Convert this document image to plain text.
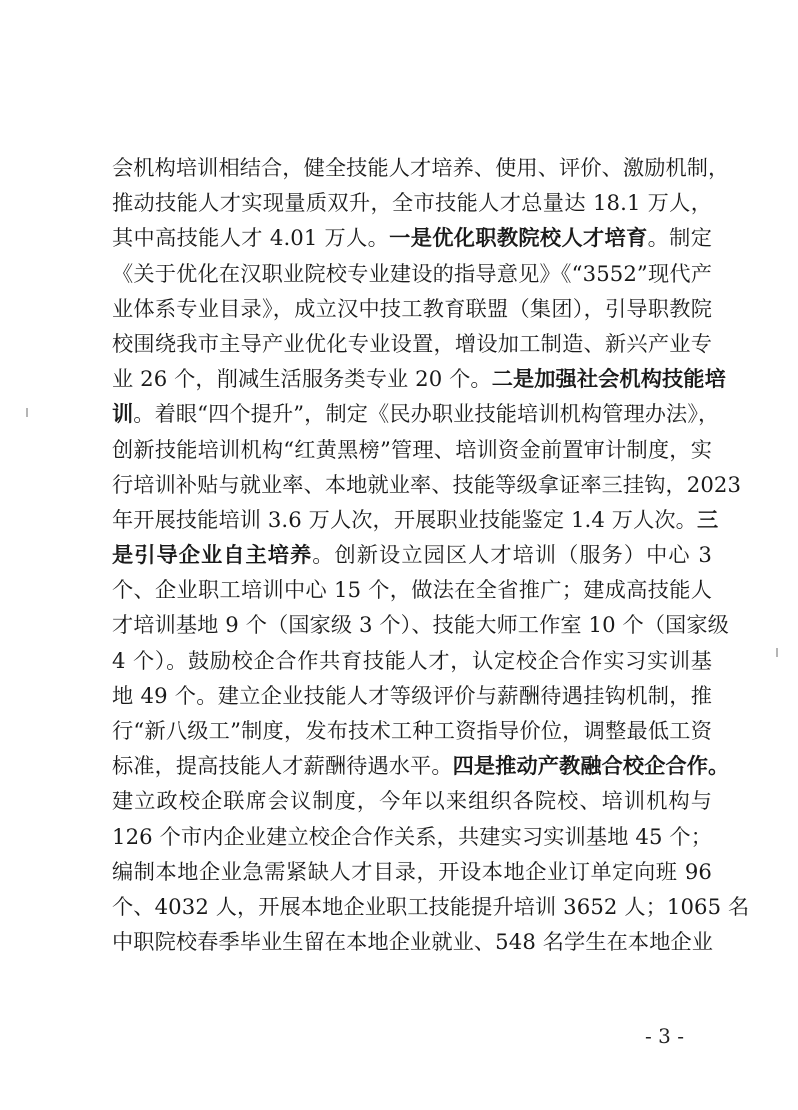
会机构培训相结合，健全技能人才培养、使用、评价、激励机制，
推动技能人才实现量质双升，全市技能人才总量达 18.1 万人，
其中高技能人才 4.01 万人。一是优化职教院校人才培育。制定
《关于优化在汉职业院校专业建设的指导意见》《“3552”现代产
业体系专业目录》，成立汉中技工教育联盟（集团），引导职教院
校围绕我市主导产业优化专业设置，增设加工制造、新兴产业专
业 26 个，削减生活服务类专业 20 个。二是加强社会机构技能培
训。着眼“四个提升”，制定《民办职业技能培训机构管理办法》，
创新技能培训机构“红黄黑榜”管理、培训资金前置审计制度，实
行培训补贴与就业率、本地就业率、技能等级拿证率三挂钩，2023
年开展技能培训 3.6 万人次，开展职业技能鉴定 1.4 万人次。三
是引导企业自主培养。创新设立园区人才培训（服务）中心 3
个、企业职工培训中心 15 个，做法在全省推广；建成高技能人
才培训基地 9 个（国家级 3 个）、技能大师工作室 10 个（国家级
4 个）。鼓励校企合作共育技能人才，认定校企合作实习实训基
地 49 个。建立企业技能人才等级评价与薪酬待遇挂钩机制，推
行“新八级工”制度，发布技术工种工资指导价位，调整最低工资
标准，提高技能人才薪酬待遇水平。四是推动产教融合校企合作。
建立政校企联席会议制度，今年以来组织各院校、培训机构与
126 个市内企业建立校企合作关系，共建实习实训基地 45 个；
编制本地企业急需紧缺人才目录，开设本地企业订单定向班 96
个、4032 人，开展本地企业职工技能提升培训 3652 人；1065 名
中职院校春季毕业生留在本地企业就业、548 名学生在本地企业
- 3 -
